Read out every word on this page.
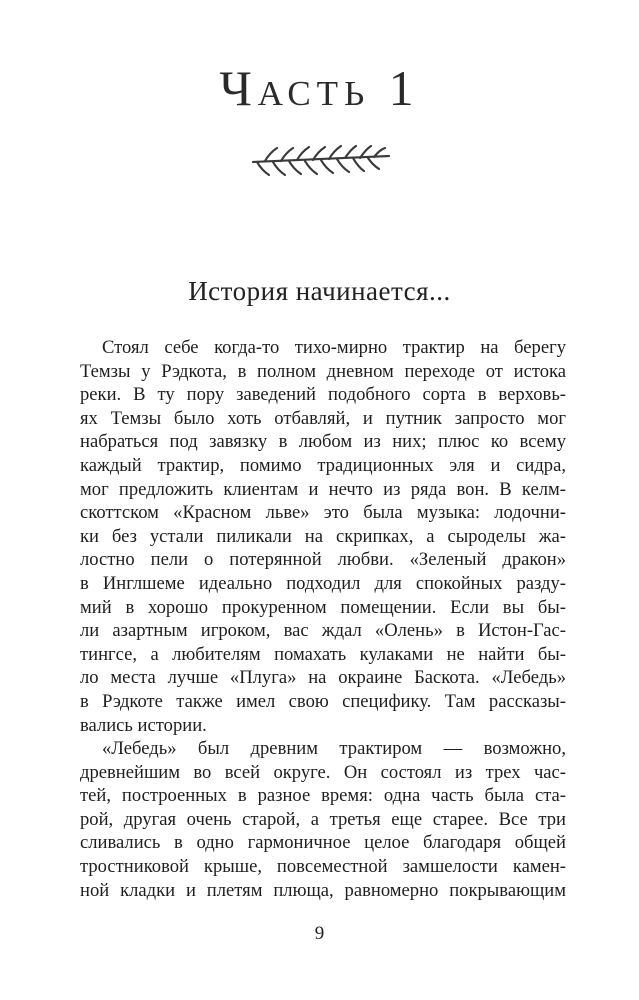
Часть 1
История начинается...
Стоял себе когда-то тихо-мирно трактир на берегу
Темзы у Рэдкота, в полном дневном переходе от истока
реки. В ту пору заведений подобного сорта в верховь-
ях Темзы было хоть отбавляй, и путник запросто мог
набраться под завязку в любом из них; плюс ко всему
каждый трактир, помимо традиционных эля и сидра,
мог предложить клиентам и нечто из ряда вон. В келм-
скоттском «Красном льве» это была музыка: лодочни-
ки без устали пиликали на скрипках, а сыроделы жа-
лостно пели о потерянной любви. «Зеленый дракон»
в Инглшеме идеально подходил для спокойных разду-
мий в хорошо прокуренном помещении. Если вы бы-
ли азартным игроком, вас ждал «Олень» в Истон-Гас-
тингсе, а любителям помахать кулаками не найти бы-
ло места лучше «Плуга» на окраине Баскота. «Лебедь»
в Рэдкоте также имел свою специфику. Там рассказы-
вались истории.
«Лебедь» был древним трактиром — возможно,
древнейшим во всей округе. Он состоял из трех час-
тей, построенных в разное время: одна часть была ста-
рой, другая очень старой, а третья еще старее. Все три
сливались в одно гармоничное целое благодаря общей
тростниковой крыше, повсеместной замшелости камен-
ной кладки и плетям плюща, равномерно покрывающим
9
